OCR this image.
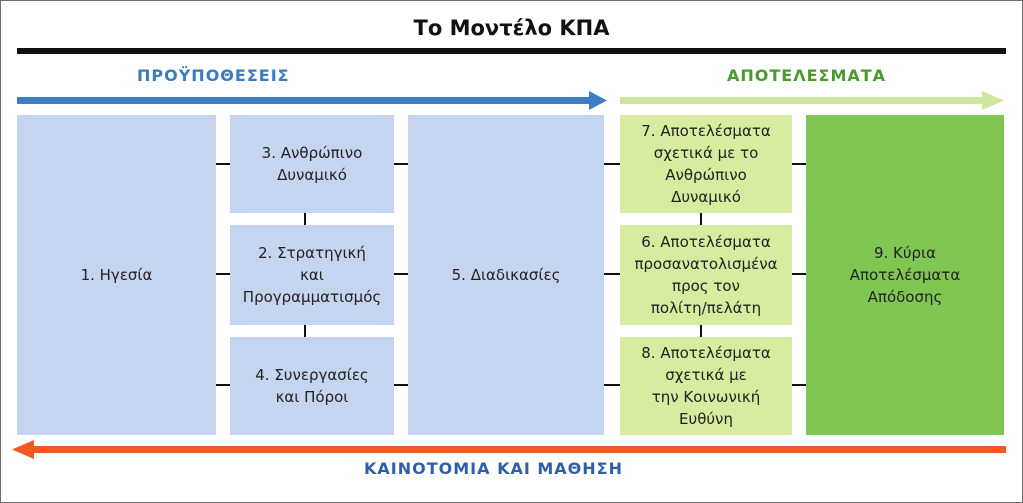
Το Μοντέλο ΚΠΑ
ΠΡΟΫΠΟΘΕΣΕΙΣ	ΑΠΟΤΕΛΕΣΜΑΤΑ
ΚΑΙΝΟΤΟΜΙΑ ΚΑΙ ΜΑΘΗΣΗ
1. Ηγεσία
3. Ανθρώπινο
Δυναμικό
2. Στρατηγική
και
Προγραμματισμός
4. Συνεργασίες
και Πόροι
5. Διαδικασίες
7. Αποτελέσματα
σχετικά με το
Ανθρώπινο
Δυναμικό
6. Αποτελέσματα
προσανατολισμένα
προς τον
πολίτη/πελάτη
8. Αποτελέσματα
σχετικά με
την Κοινωνική
Ευθύνη
9. Κύρια
Αποτελέσματα
Απόδοσης
